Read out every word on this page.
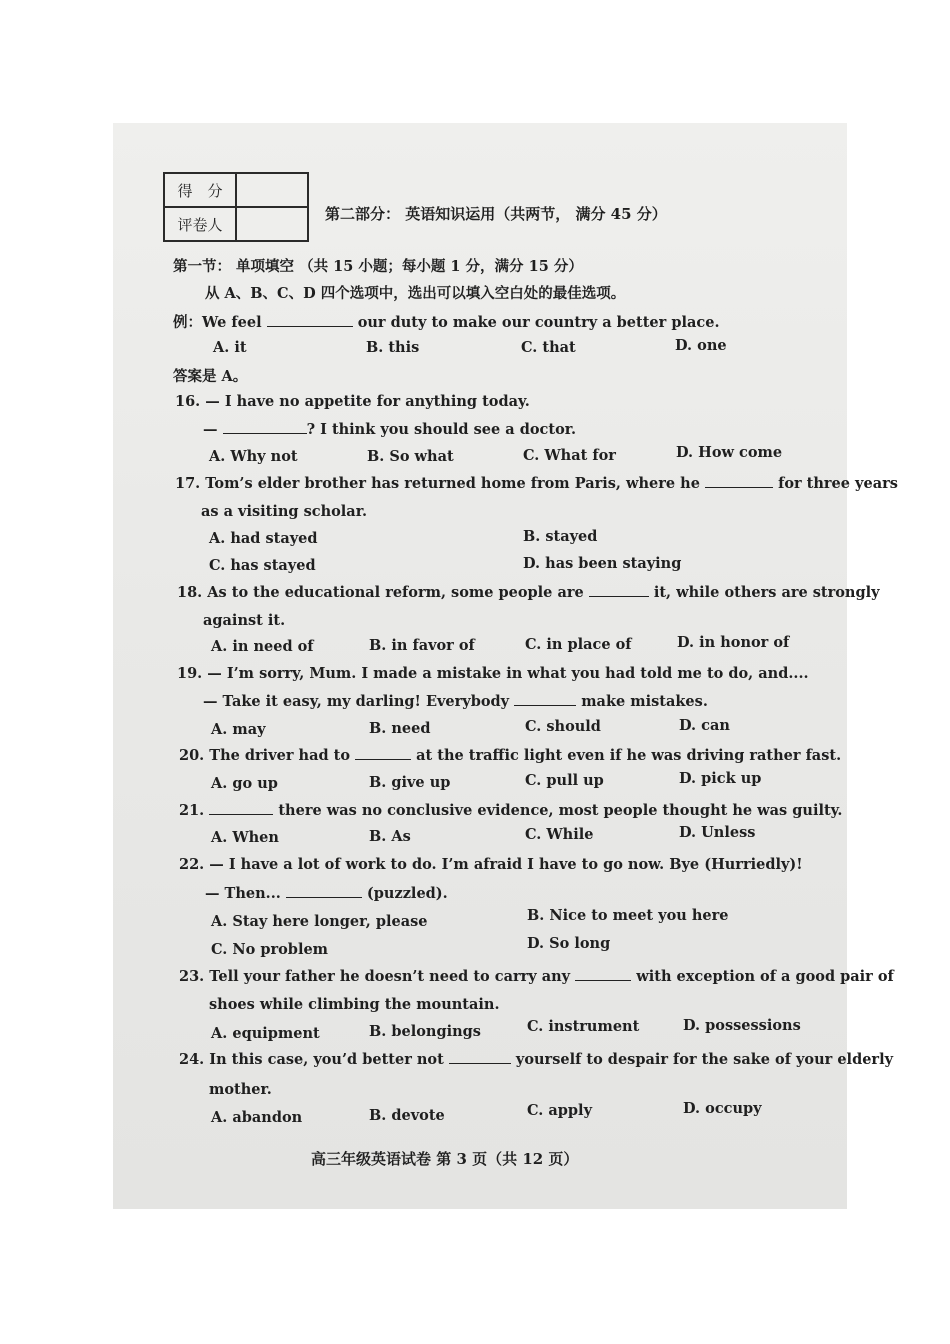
得　分	
评卷人	
第二部分： 英语知识运用（共两节， 满分 45 分）
第一节： 单项填空 （共 15 小题；每小题 1 分，满分 15 分）
从 A、B、C、D 四个选项中，选出可以填入空白处的最佳选项。
例：We feel	our duty to make our country a better place.
A. it	B. this	C. that	D. one
答案是 A。
16. — I have no appetite for anything today.
—	? I think you should see a doctor.
A. Why not	B. So what	C. What for	D. How come
17. Tom’s elder brother has returned home from Paris, where he	for three years
as a visiting scholar.
A. had stayed	B. stayed
C. has stayed	D. has been staying
18. As to the educational reform, some people are	it, while others are strongly
against it.
A. in need of	B. in favor of	C. in place of	D. in honor of
19. — I’m sorry, Mum. I made a mistake in what you had told me to do, and....
— Take it easy, my darling! Everybody	make mistakes.
A. may	B. need	C. should	D. can
20. The driver had to	at the traffic light even if he was driving rather fast.
A. go up	B. give up	C. pull up	D. pick up
21.	there was no conclusive evidence, most people thought he was guilty.
A. When	B. As	C. While	D. Unless
22. — I have a lot of work to do. I’m afraid I have to go now. Bye (Hurriedly)!
— Then...	(puzzled).
A. Stay here longer, please	B. Nice to meet you here
C. No problem	D. So long
23. Tell your father he doesn’t need to carry any	with exception of a good pair of
shoes while climbing the mountain.
A. equipment	B. belongings	C. instrument	D. possessions
24. In this case, you’d better not	yourself to despair for the sake of your elderly
mother.
A. abandon	B. devote	C. apply	D. occupy
高三年级英语试卷 第 3 页（共 12 页）
